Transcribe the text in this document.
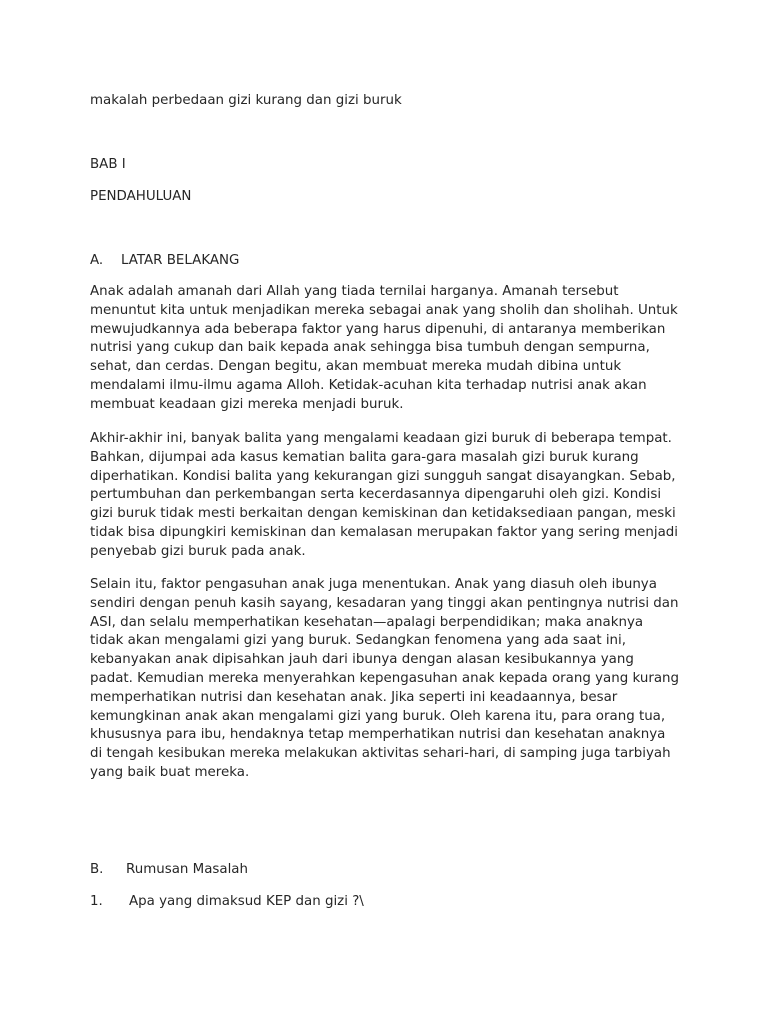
makalah perbedaan gizi kurang dan gizi buruk
BAB I
PENDAHULUAN
A. LATAR BELAKANG

Anak adalah amanah dari Allah yang tiada ternilai harganya. Amanah tersebut menuntut kita untuk menjadikan mereka sebagai anak yang sholih dan sholihah. Untuk mewujudkannya ada beberapa faktor yang harus dipenuhi, di antaranya memberikan nutrisi yang cukup dan baik kepada anak sehingga bisa tumbuh dengan sempurna, sehat, dan cerdas. Dengan begitu, akan membuat mereka mudah dibina untuk mendalami ilmu-ilmu agama Alloh. Ketidak-acuhan kita terhadap nutrisi anak akan membuat keadaan gizi mereka menjadi buruk.

Akhir-akhir ini, banyak balita yang mengalami keadaan gizi buruk di beberapa tempat. Bahkan, dijumpai ada kasus kematian balita gara-gara masalah gizi buruk kurang diperhatikan. Kondisi balita yang kekurangan gizi sungguh sangat disayangkan. Sebab, pertumbuhan dan perkembangan serta kecerdasannya dipengaruhi oleh gizi. Kondisi gizi buruk tidak mesti berkaitan dengan kemiskinan dan ketidaksediaan pangan, meski tidak bisa dipungkiri kemiskinan dan kemalasan merupakan faktor yang sering menjadi penyebab gizi buruk pada anak.

Selain itu, faktor pengasuhan anak juga menentukan. Anak yang diasuh oleh ibunya sendiri dengan penuh kasih sayang, kesadaran yang tinggi akan pentingnya nutrisi dan ASI, dan selalu memperhatikan kesehatan—apalagi berpendidikan; maka anaknya tidak akan mengalami gizi yang buruk. Sedangkan fenomena yang ada saat ini, kebanyakan anak dipisahkan jauh dari ibunya dengan alasan kesibukannya yang padat. Kemudian mereka menyerahkan kepengasuhan anak kepada orang yang kurang memperhatikan nutrisi dan kesehatan anak. Jika seperti ini keadaannya, besar kemungkinan anak akan mengalami gizi yang buruk. Oleh karena itu, para orang tua, khususnya para ibu, hendaknya tetap memperhatikan nutrisi dan kesehatan anaknya di tengah kesibukan mereka melakukan aktivitas sehari-hari, di samping juga tarbiyah yang baik buat mereka.

B. Rumusan Masalah
1. Apa yang dimaksud KEP dan gizi ?\
